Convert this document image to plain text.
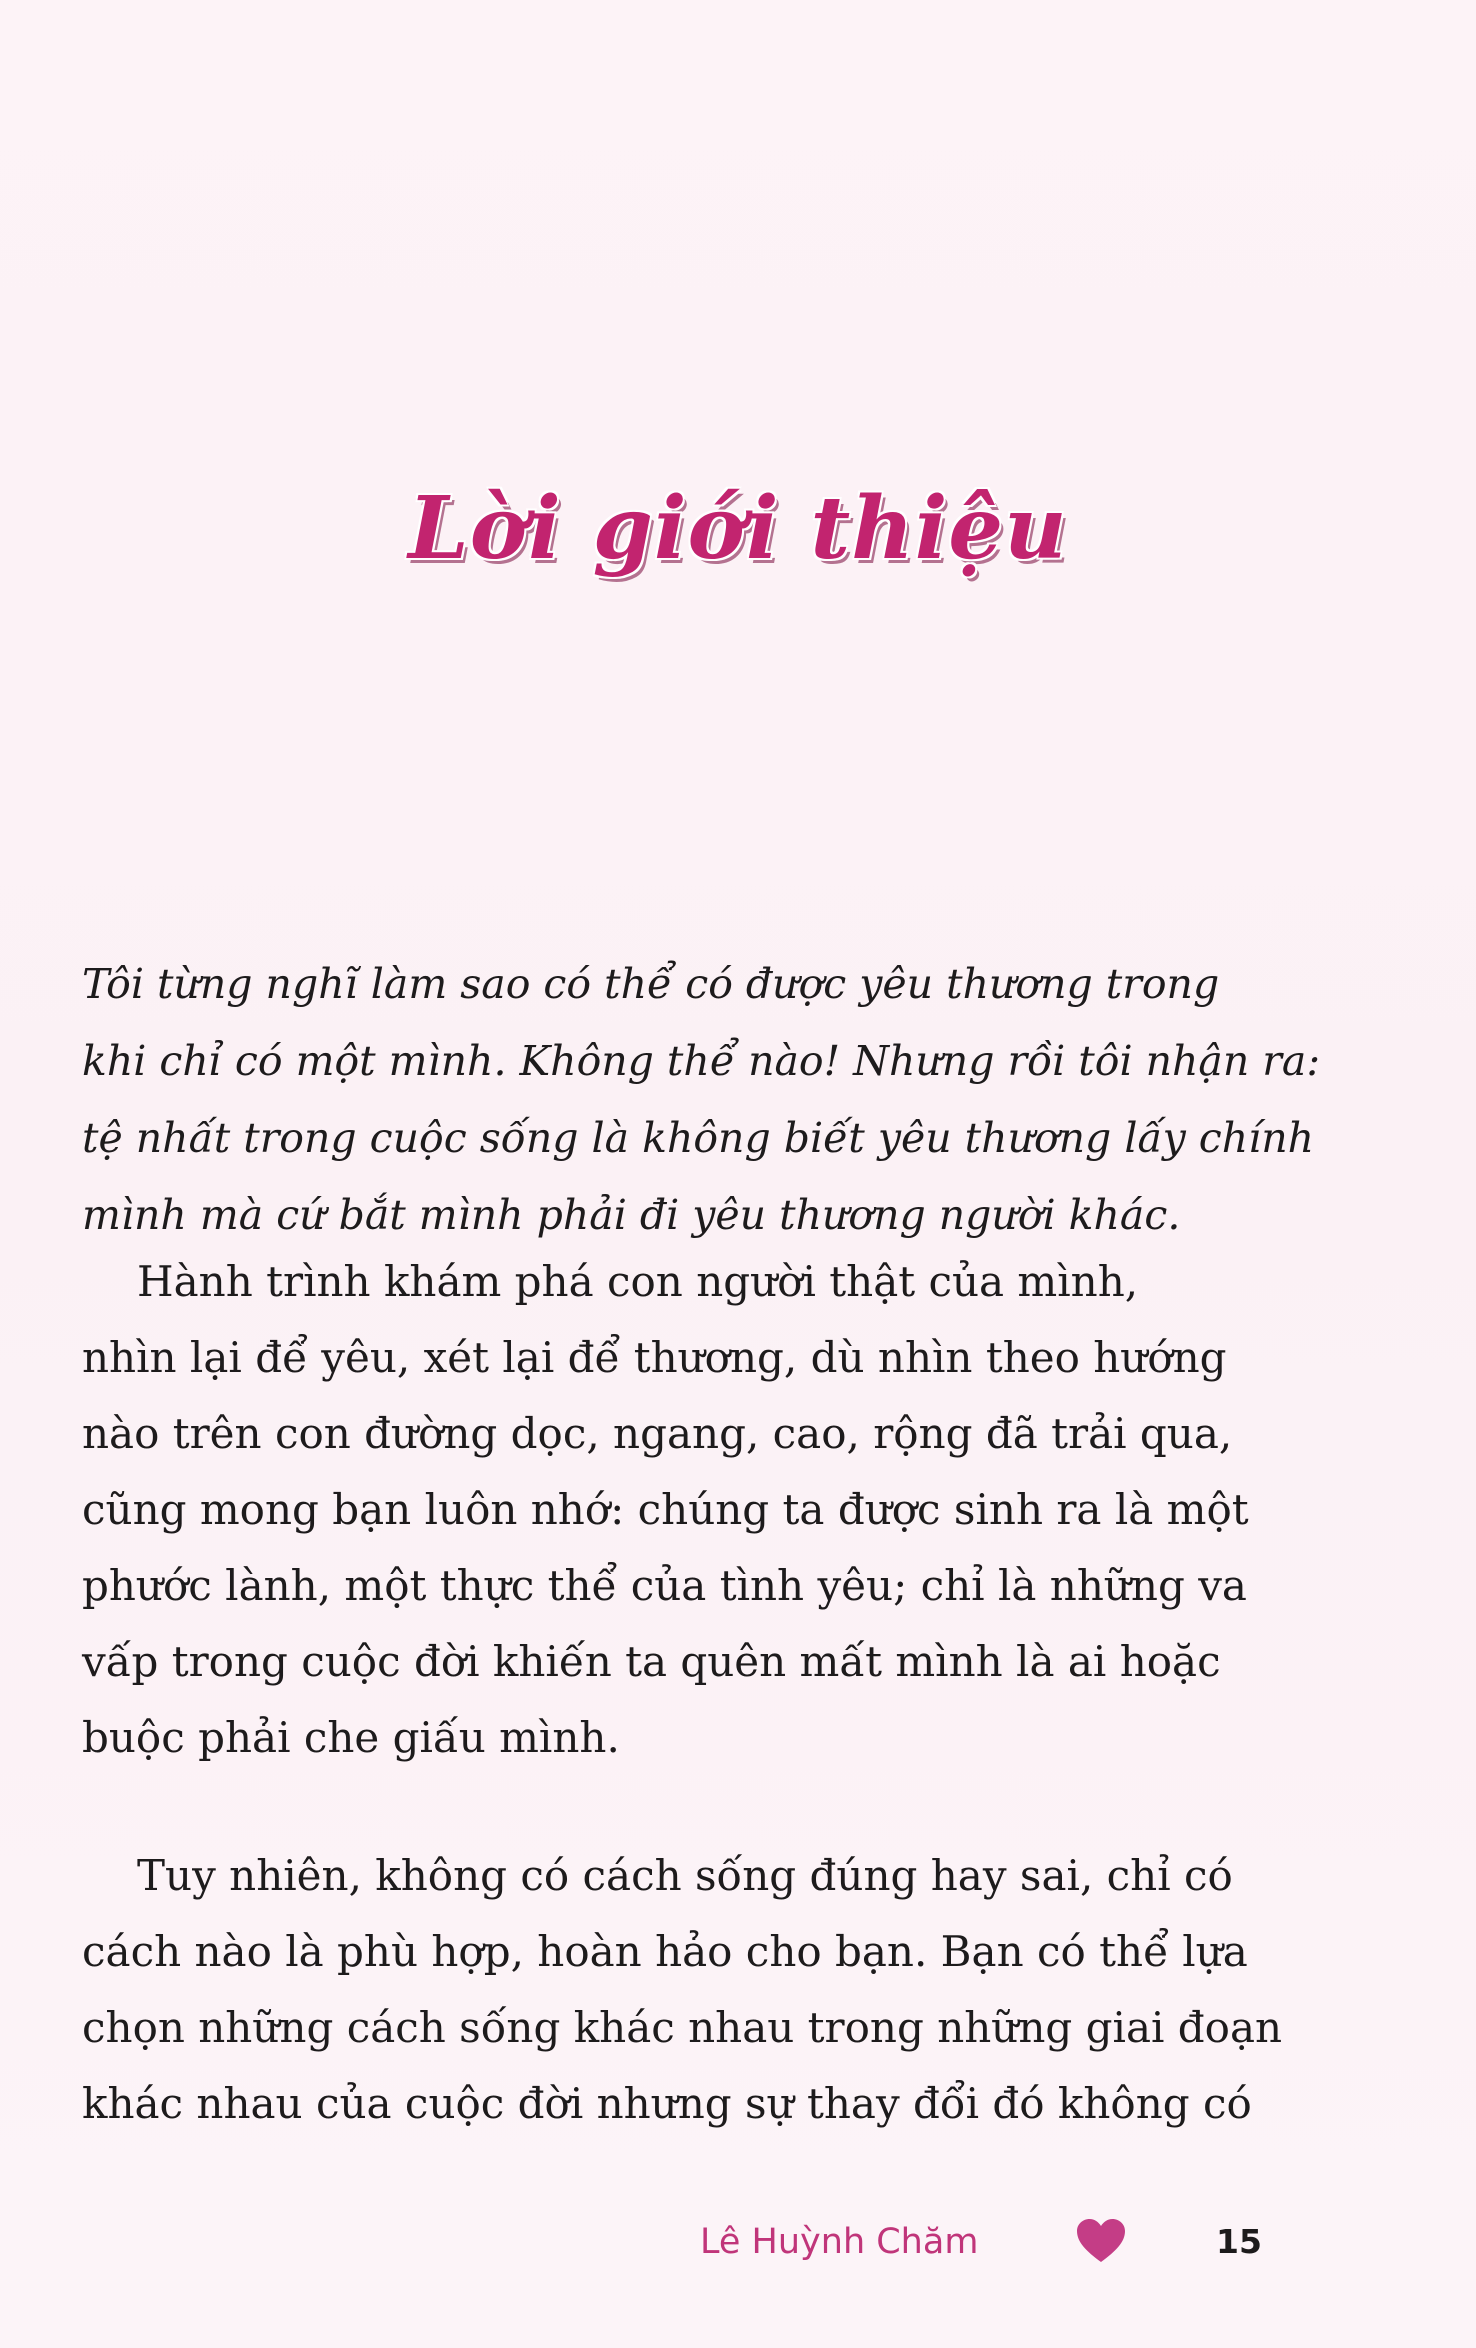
Lời giới thiệu

Tôi từng nghĩ làm sao có thể có được yêu thương trong
khi chỉ có một mình. Không thể nào! Nhưng rồi tôi nhận ra:
tệ nhất trong cuộc sống là không biết yêu thương lấy chính
mình mà cứ bắt mình phải đi yêu thương người khác.

Hành trình khám phá con người thật của mình,
nhìn lại để yêu, xét lại để thương, dù nhìn theo hướng
nào trên con đường dọc, ngang, cao, rộng đã trải qua,
cũng mong bạn luôn nhớ: chúng ta được sinh ra là một
phước lành, một thực thể của tình yêu; chỉ là những va
vấp trong cuộc đời khiến ta quên mất mình là ai hoặc
buộc phải che giấu mình.

Tuy nhiên, không có cách sống đúng hay sai, chỉ có
cách nào là phù hợp, hoàn hảo cho bạn. Bạn có thể lựa
chọn những cách sống khác nhau trong những giai đoạn
khác nhau của cuộc đời nhưng sự thay đổi đó không có

Lê Huỳnh Chăm	15
